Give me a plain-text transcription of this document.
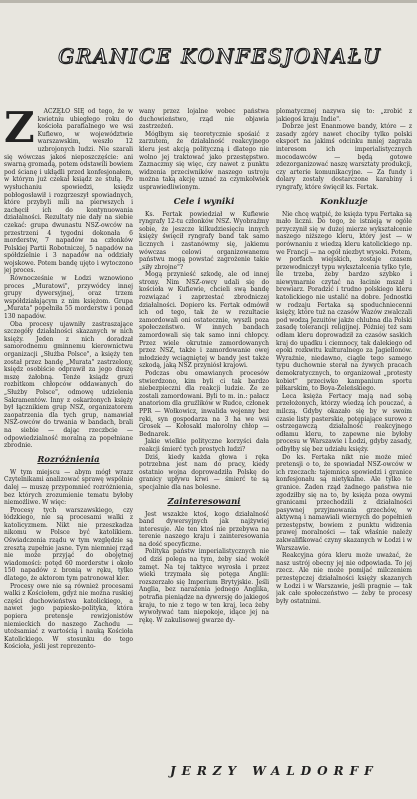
GRANICE KONFESJONAŁU
Z	ACZĘŁO SIĘ od tego, że w kwietniu ubiegłego roku do kościoła parafialnego we wsi Kufiewo, w województwie warszawskim, weszło 12 uzbrojonych ludzi. Nie szarali się wówczas jakoś nieposzczęście: ani swarną gromadą, potem odstawili bowiem pod ścianę i ukłądli przed konfesjonałem, w którym już czekał ksiądz ze stułą. Po wysłuchaniu spowiedzi, księdz pobłogosławił i rozgrzeszył spowiadnych, które przybyli mili na pierwszych i zachęcił ich do kontynuowania działalności. Rezultaty nie dały na siebie czekać: grupa dwunastu NSZ-owców na przestrzeni 4 tygodni dokonała 6 morderstw, 7 napadów na członków Polskiej Partii Robotniczej, 5 napadów na spółdzielnie i 3 napadów na oddziały wojskowe. Potem bandę ujęto i wytoczono jej proces.

Równocześnie w Łodzi wznowiono proces „Muratowi", przywódcy innej grupy dywersyjnej, oraz trzem współdziałającym z nim księżom. Grupa „Murata" popełniła 55 morderstw i ponad 130 napadów.

Oba procesy ujawniły zastraszające szczegóły działalności skazanych w nich księży. Jeden z nich doradzał samorodnemu gminnemu kierownictwu organizacji „Służba Polsce", a księży ten został przez bandę „Murata" zastrzelony, księdz osobiście odprawił za jego duszę mszę żałobną. Tenże ksiądz gruzi rozbitkom chłopców oddawanych do „Służby Polsce", odmowę udzielenia Sakramentów. Inny z oskarżonych księży był łącznikiem grup NSZ, organizatorem zaopatrzenia dla tych grup, namawiał NSZ-owców do trwania w bandach, brali na siebie — dając rzeczbcie — odpowiedzialność moralną za popełniane zbrodnie.

Rozróżnienia

W tym miejscu — abym mógł wrazz Czytelnikami analizować sprawę wspólnie dalej — muszę przypomnieć rozróżnienia, bez których zrozumienie tematu byłoby niemożliwe. W więc:

Procesy tych warszawskiego, czy łódzkiego, nie są procesami walki z katolicyzmem. Nikt nie przeszkadza nikomu w Polsce być katolikiem. Oświadczenia rządu w tym względzie są zresztą zupełnie jasne. Tym niemniej rząd nie może przyjąć do obojętnej wiadomości: potęd 60 morderstw i około 150 napadów z bronią w ręku, tylko dlatego, że aktorom tym patronował kler.

Procesy owe nie są również procesami walki z Kościołem, gdyż nie można ruskiej części duchowieństwa katolickiego, a nawet jego papiesko-polityka, która popiera pretensje rewizjonistów niemieckich do naszego Zachodu — utożsamiać z wartością i nauką Kościoła Katolickiego. W stosunku do tego Kościoła, jeśli jest reprezento-

wany przez lojalne wobec państwa duchowieństwo, rząd nie objawia zastrzeżeń.

Mógłbym się teoretycznie spośaić z zarzutem, że działalność reakcyjnego kleru jest akcją polityczną i dlatego nie wolno jej traktować jako przestępstwo. Zaznaczmy się więc, czy nawet z punktu widzenia przeciwników naszego ustroju można taką akcję uznać za czymkolwiek usprawiedliwionym.

Cele i wyniki

Ks. Fertak powiedział w Kufiewie ryngrafy 12-tu członków NSZ. Wyobraźmy sobie, że jeszcze kilkudziesięciu innych księży święcił ryngrafy band tak samo licznych i zastanówmy się, jakiemu wówczas celowi organizowanemu państwu mogą powstać zagrożenie takie „siły zbrojne"?

Mogą przynieść szkodę, ale od innej strony. Nim NSZ-owcy udali się do kościoła w Kufiewie, chcieli swą bandę rozwiązać i zaprzestać zbrodniczej działalności. Dopiero ks. Fertak odmówił ich od tego, tak że w rezultacie zamordowali oni ostatecznie, wyszli poza społeczeństwo. W innych bandach zamordowali się tak samo inni chłopcy. Przez wiele okrutnie zamordowanych przez NSZ, także i zamordowanie owej młodzieży wciągniętej w bandy jest także szkodą, jaką NSZ przyniósł krajowi.

Podczas obu omawianych procesów stwierdzono, kim byli ci tak bardzo niebezpieczni dla reakcji ludzie. Że ze zostali zamordowani. Byli to m. in.: pałacz anatoriom dla gruźlików w Rudce, członek PPR — Wołkowicz, inwalida wojenny bez ręki, syn gospodarza na 3 ha we wsi Grosek — Kołosakl małorolny chłop — Bednarek.

Jakie wielkie polityczne korzyści dała reakcji śmierć tych prostych ludzi?

Dziś, kiedy każda głowa i ręka potrzebna jest nam do pracy, kiedy ostatnio wojna doprowadziła Polskę do granicy upływu krwi — śmierć te są specjalnie dla nas bolesne.

Zainteresowani

Jest wszakże ktoś, kogo działalność band dywersyjnych jak najżywiej interesuje. Ale ten ktoś nie przebywa na terenie naszego kraju i zainteresowania na dość specyficzne.

Polityka państw imperialistycznych nie od dziś polega na tym, żeby siać wokół zamęt. Na tej taktyce wyrosła i przez wieki trzymała się potęga Anglii: rozszerzało się Imperium Brytyjskie. Jeśli Anglia, bez narażenia jednego Anglika, potrafia pieniądze na dywersję do jakiegoś kraju, to nie z tego w ten kraj, leca żeby wywoływać tam niepokoje, idące jej na rękę. W zakulisowej gwarze dy-

plomatycznej nazywa się to: „zrobić z jakiegoś kraju Indie".

Dobrze jest Enanmowe bandy, które — z zasady zgóry nawet chociby tylko polski eksport na jakimś odcinku mniej zagraża interesom ich imperialistycznych mocodawców — będą gotowe zdezorganizować naszę warsztaty produkcji, czy arterie komunikacyjne. — Za fundy i dolary zostały dostarczone karabiny i ryngrafy, które święcił ks. Fertak.

Konkluzje

Nie chcę wątpić, że księża typu Fertaka są mało liczni. Do tego, że istnieją w ogóle przyczynił się w dużej mierze wykształcenie naszego niższego kleru, który jest — w porównaniu z wiedzą kleru katolickiego np. we Francji — na ogół niezbyt wysoki. Potem, w porfach wiejskich, zostaje czasem przewodniczył typu wykształcenia tylko tyle, ile trzeba, żeby bardzo szybko i niewymarnie czytać na łacinie mszał i brewiarz. Poradzić i trudno polskiego kleru katolickiego nie ustalić na dobre. Jednostki w rodzaju Fertaka są spoduchniecenni księży, które tuż na czasów Wazów zwalczali pod wodzą Jezuitów jakże chlubna dla Polski zasadę tolerancji religijnej. Później też sam odłam kleru doprowadził za czasów saskich kraj do upadku i ciemnocy, tak dalekiego od epoki rozkwitu kulturalnego za Jagiellonów. Wyraźnie, niedawno, ciągle tego samego typu duchownie sterał na żywych pracach demokratycznych, to organizował „protesty kobiet" przeciwko kampanium sportu piłkarskim, to Boya-Żeleńskiego.

Leca księża Fertacy mają nad sobą przełożonych, którzy wiedzą ich pouczać, a milczą. Gdyby okazało się by w swoim czasie listy pasterskie, potępiające surowo z ostrzegawczą działalność reakcyjnego odłamu kleru, to zapewne nie byłoby procesu w Warszawie i Łodzi, gdyby zasady, odbyłby się bez udziału księży.

Do ks. Fertaka nikt nie może mieć pretensji o to, że spowiadał NSZ-owców w ich rzeczach: tajemnica spowiedzi i granice konfesjonału są nietykalne. Ale tylko te granice. Żaden rząd żadnego państwa nie zgodziłby się na to, by księża poza owymi granicami przechodzili z działalności pasywnej przyjmowania grzechów, w aktywną i namawiali wiernych do popełnień przestępstw, bowiem z punktu widzenia prawej moralności — tak właśnie należy zakwalifikować czyny skazanych w Łodzi i w Warszawie.

Reakcyjna góra kleru może uważać, że nasz ustrój obecny jej nie odpowiada. To jej rzecz. Ale nie może pomijać milczeniem przestępczej działalności księży skazanych w Łodzi i w Warszawie, jeśli pragnie — tak jak całe społeczeństwo — żeby te procesy były ostatnimi.

JERZY WALDORFF
